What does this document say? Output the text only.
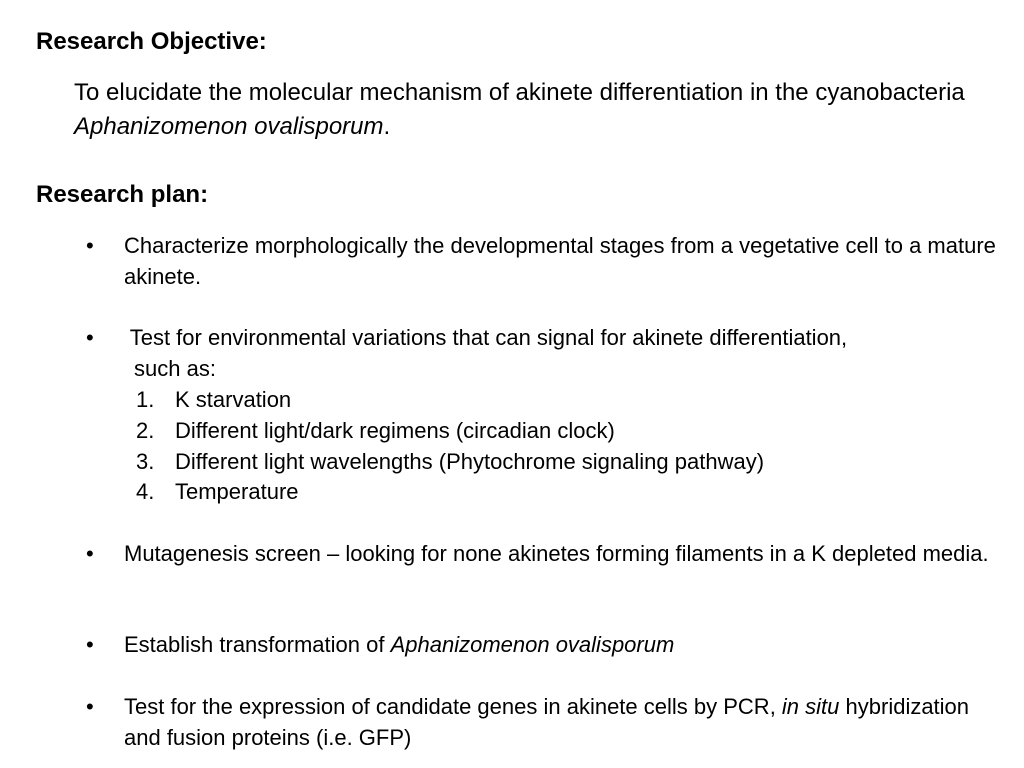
Research Objective:

To elucidate the molecular mechanism of akinete differentiation in the cyanobacteria Aphanizomenon ovalisporum.

Research plan:
•	Characterize morphologically the developmental stages from a vegetative cell to a mature akinete.

•	Test for environmental variations that can signal for akinete differentiation,

such as:

1. K starvation

2. Different light/dark regimens (circadian clock)

3. Different light wavelengths (Phytochrome signaling pathway)

4. Temperature

•	Mutagenesis screen – looking for none akinetes forming filaments in a K depleted media.

•	Establish transformation of Aphanizomenon ovalisporum

•	Test for the expression of candidate genes in akinete cells by PCR, in situ hybridization and fusion proteins (i.e. GFP)
